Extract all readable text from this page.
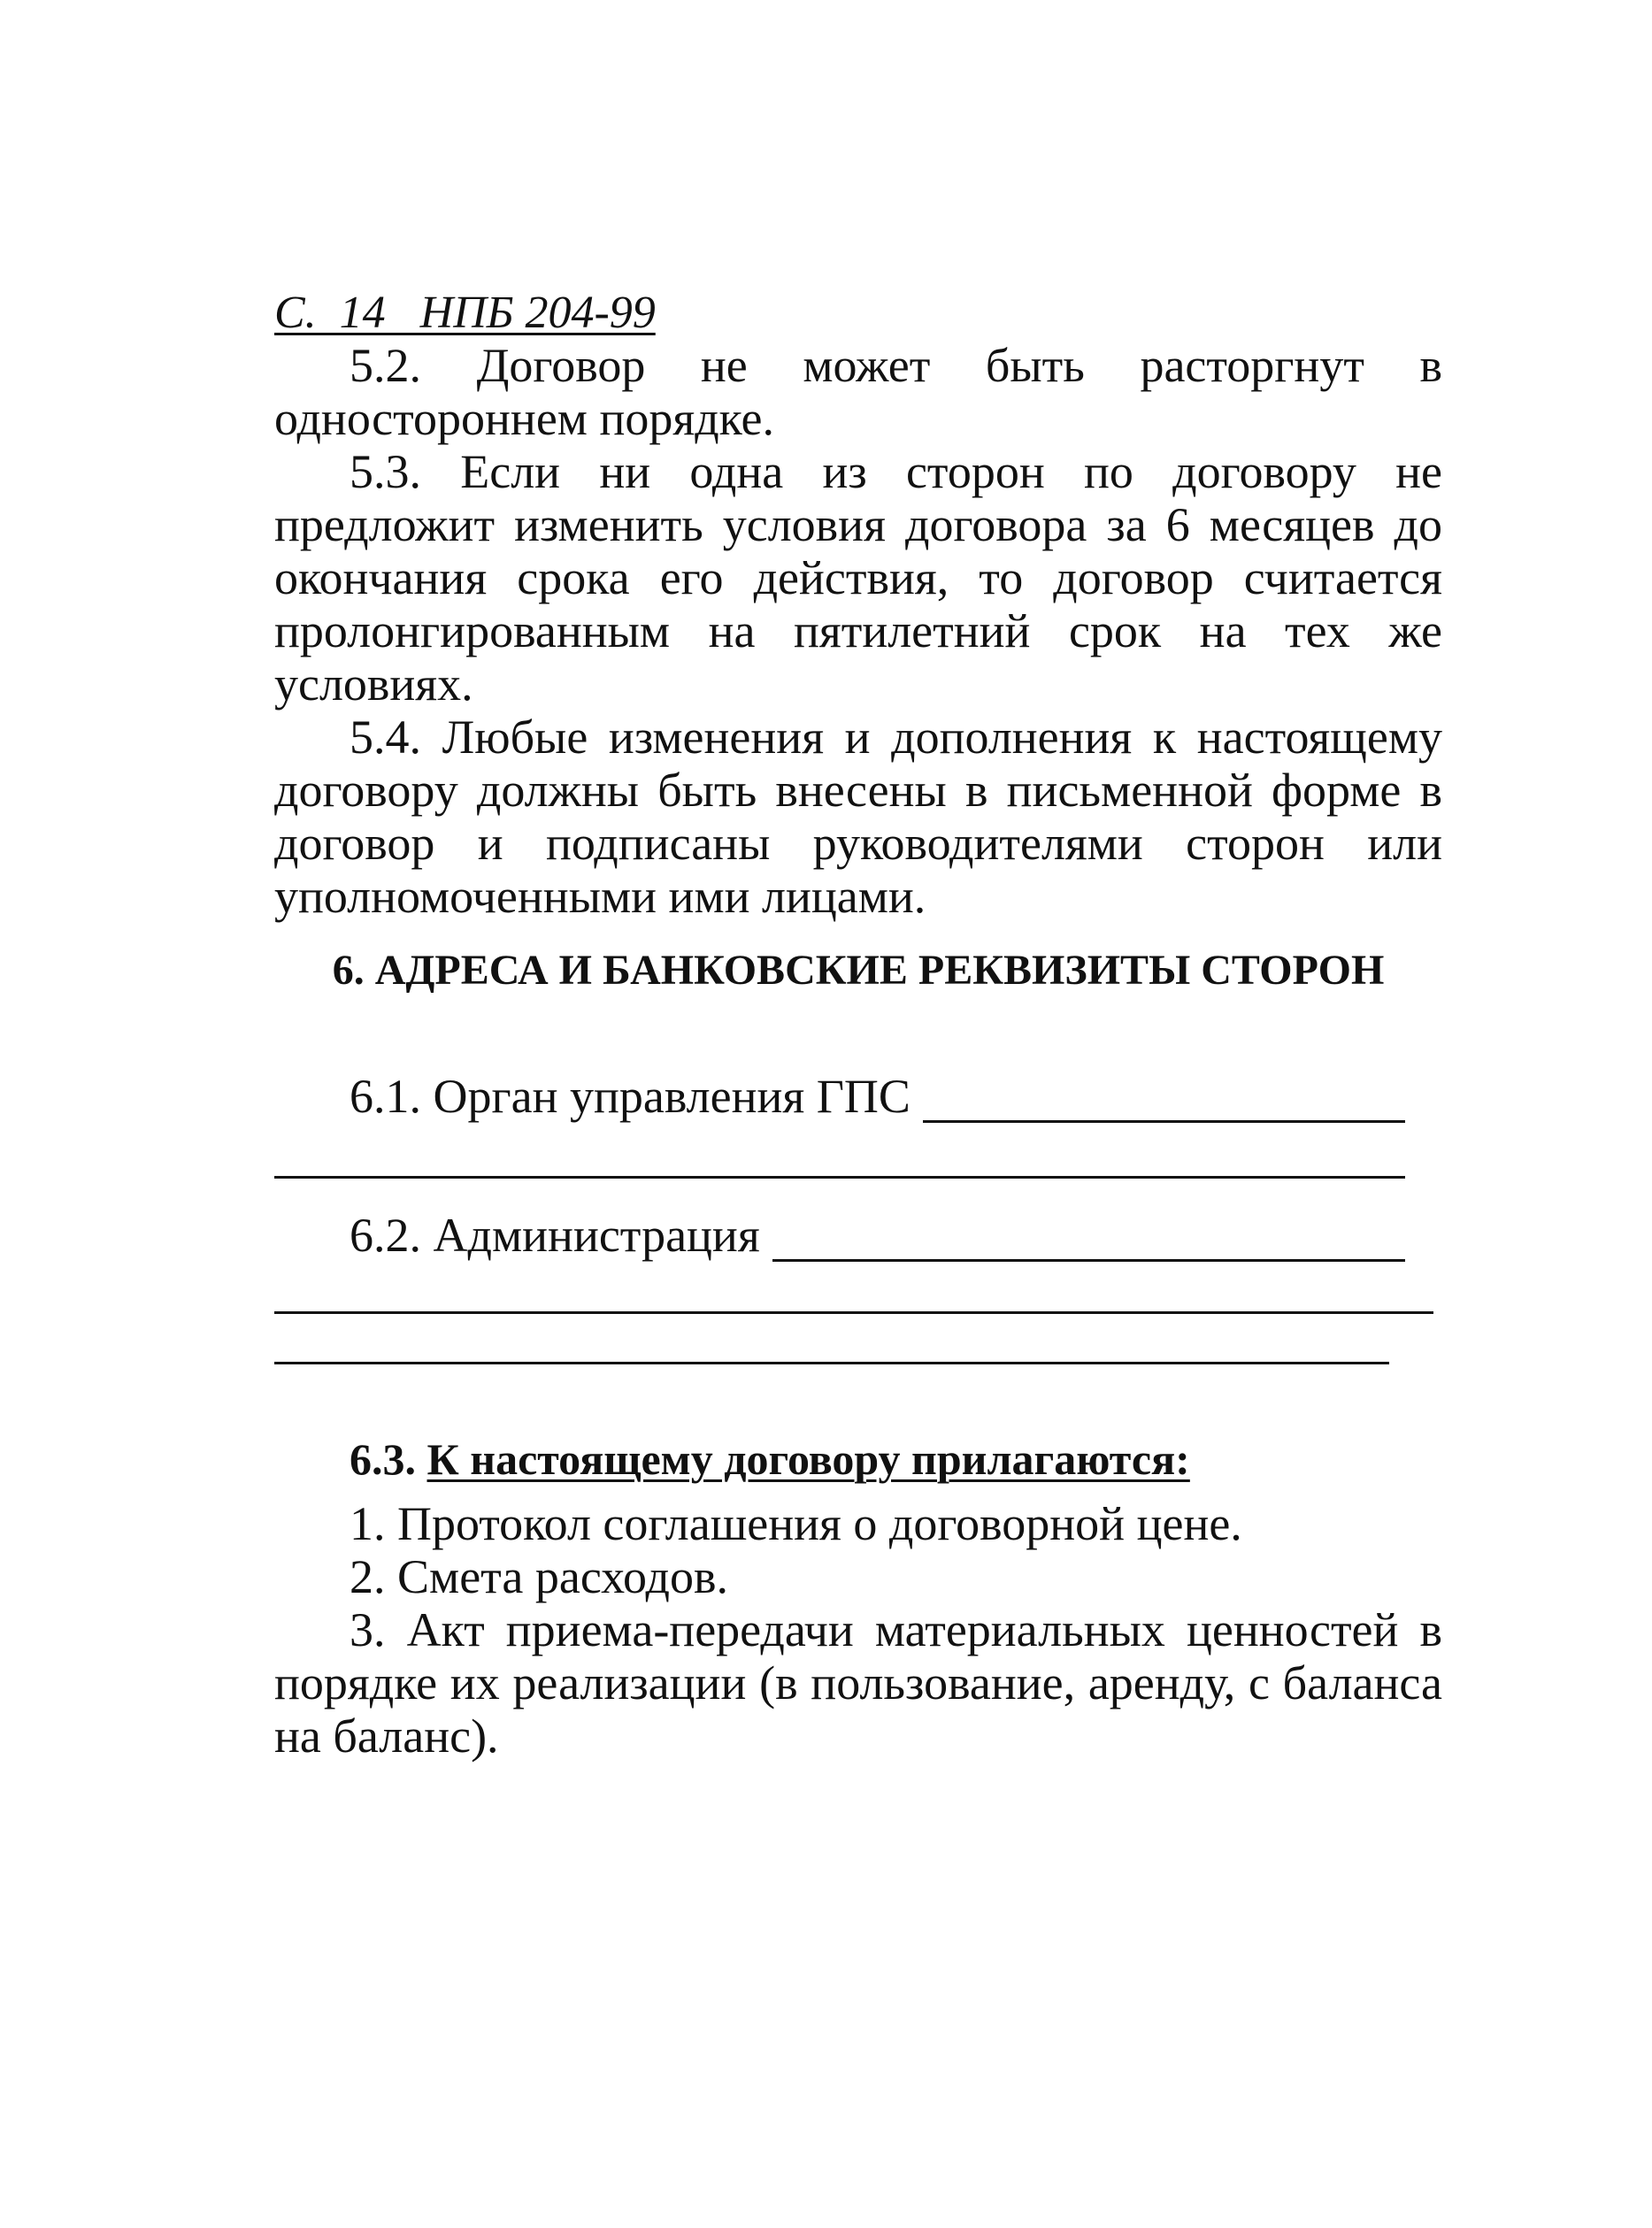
С.  14   НПБ 204-99

5.2. Договор не может быть расторгнут в одностороннем порядке.

5.3. Если ни одна из сторон по договору не предложит изменить условия договора за 6 месяцев до окончания срока его действия, то договор считается пролонгированным на пятилетний срок на тех же условиях.

5.4. Любые изменения и дополнения к настоящему договору должны быть внесены в письменной форме в договор и подписаны руководителями сторон или уполномоченными ими лицами.

6. АДРЕСА И БАНКОВСКИЕ РЕКВИЗИТЫ СТОРОН
6.1. Орган управления ГПС
6.2. Администрация

6.3. К настоящему договору прилагаются:

1. Протокол соглашения о договорной цене.

2. Смета расходов.

3. Акт приема-передачи материальных ценностей в порядке их реализации (в пользование, аренду, с баланса на баланс).
